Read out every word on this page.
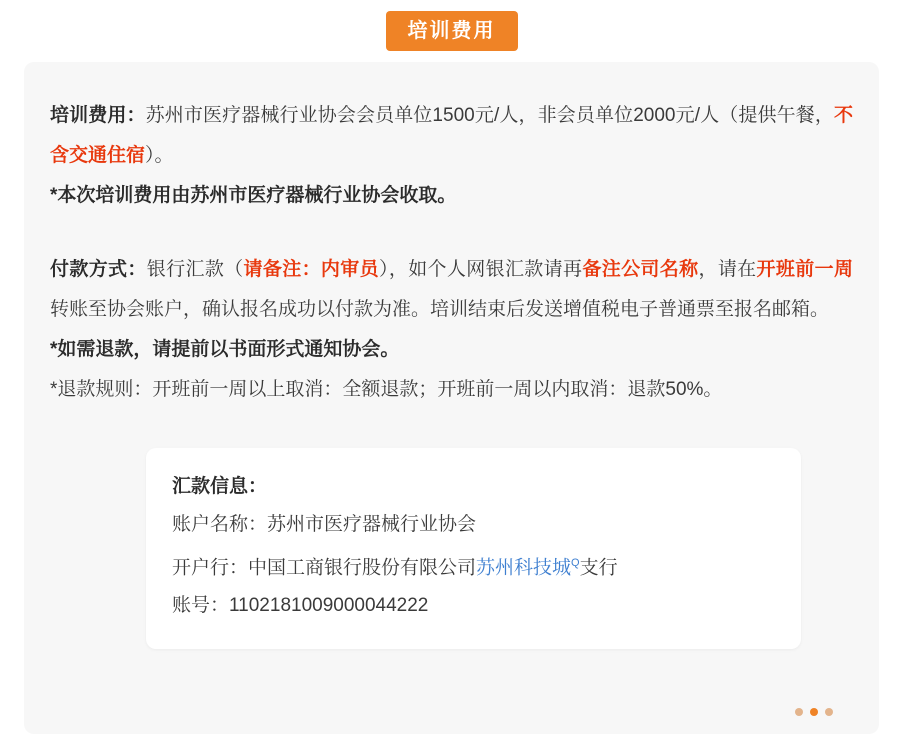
培训费用

培训费用：苏州市医疗器械行业协会会员单位1500元/人，非会员单位2000元/人（提供午餐，不含交通住宿）。

*本次培训费用由苏州市医疗器械行业协会收取。

付款方式：银行汇款（请备注：内审员），如个人网银汇款请再备注公司名称，请在开班前一周转账至协会账户，确认报名成功以付款为准。培训结束后发送增值税电子普通票至报名邮箱。

*如需退款，请提前以书面形式通知协会。

*退款规则：开班前一周以上取消：全额退款；开班前一周以内取消：退款50%。

汇款信息：
账户名称：苏州市医疗器械行业协会
开户行：中国工商银行股份有限公司苏州科技城$^Q$支行
账号：1102181009000044222
